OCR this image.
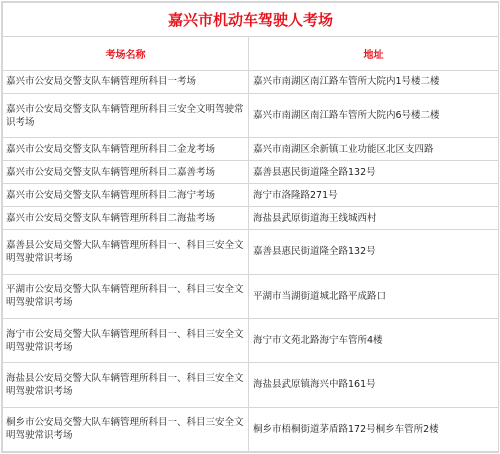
嘉兴市机动车驾驶人考场	
考场名称	地址
嘉兴市公安局交警支队车辆管理所科目一考场	嘉兴市南湖区南江路车管所大院内1号楼二楼
嘉兴市公安局交警支队车辆管理所科目三安全文明驾驶常识考场	嘉兴市南湖区南江路车管所大院内6号楼二楼
嘉兴市公安局交警支队车辆管理所科目二金龙考场	嘉兴市南湖区余新镇工业功能区北区支四路
嘉兴市公安局交警支队车辆管理所科目二嘉善考场	嘉善县惠民街道隆全路132号
嘉兴市公安局交警支队车辆管理所科目二海宁考场	海宁市洛隆路271号
嘉兴市公安局交警支队车辆管理所科目二海盐考场	海盐县武原街道海王线城西村
嘉善县公安局交警大队车辆管理所科目一、科目三安全文明驾驶常识考场	嘉善县惠民街道隆全路132号
平湖市公安局交警大队车辆管理所科目一、科目三安全文明驾驶常识考场	平湖市当湖街道城北路平成路口
海宁市公安局交警大队车辆管理所科目一、科目三安全文明驾驶常识考场	海宁市文苑北路海宁车管所4楼
海盐县公安局交警大队车辆管理所科目一、科目三安全文明驾驶常识考场	海盐县武原镇海兴中路161号
桐乡市公安局交警大队车辆管理所科目一、科目三安全文明驾驶常识考场	桐乡市梧桐街道茅盾路172号桐乡车管所2楼
